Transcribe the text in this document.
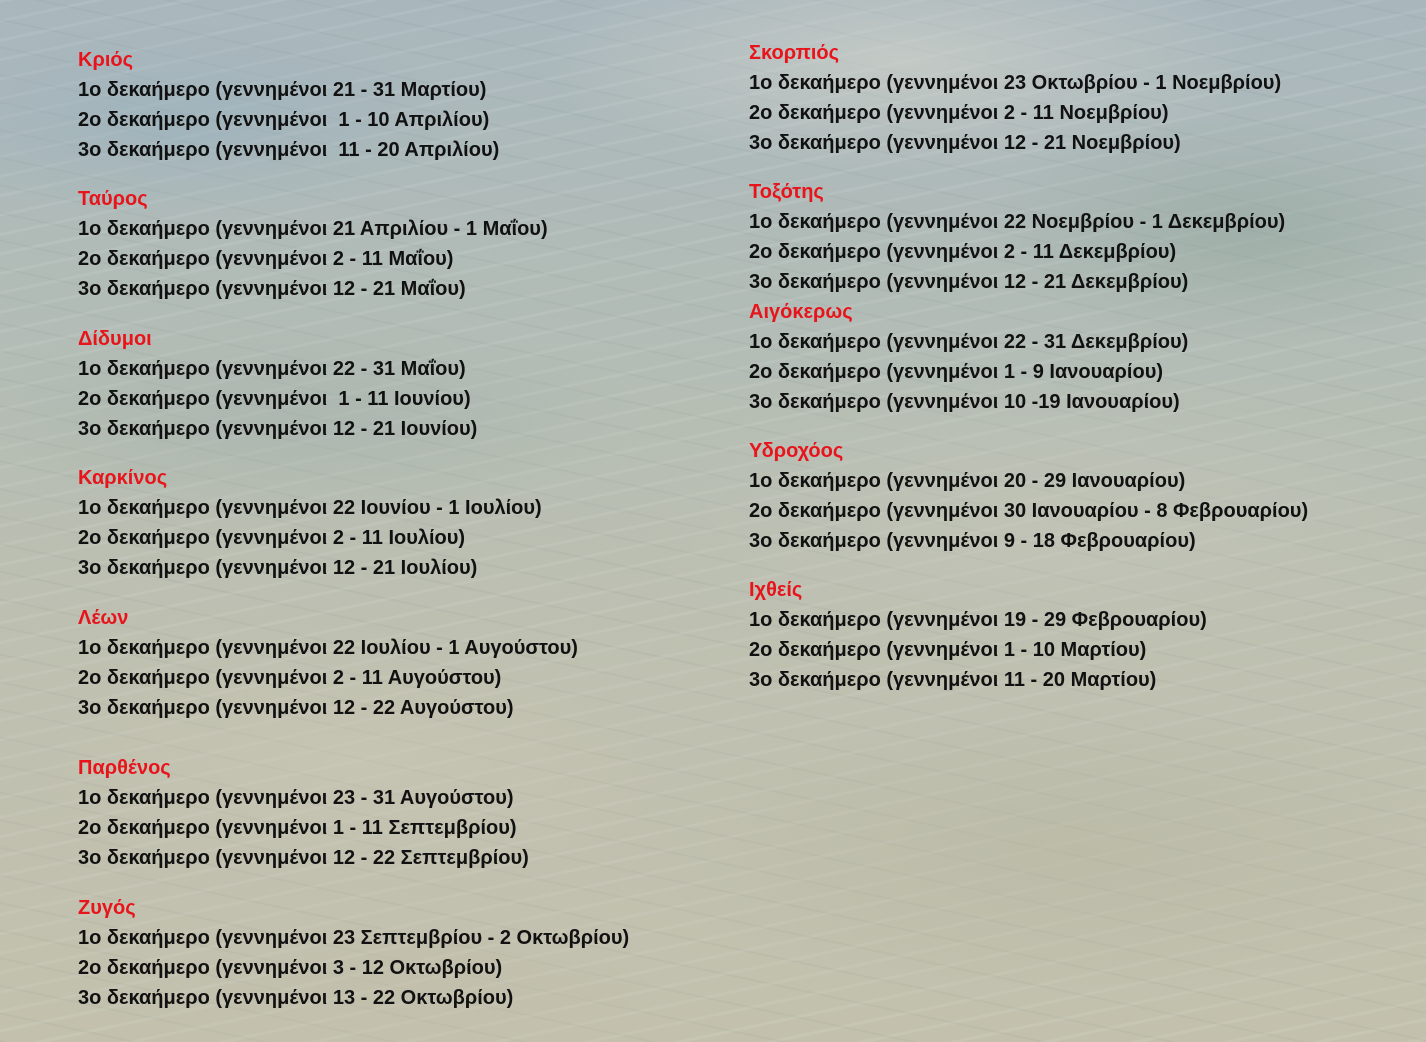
Κριός
1ο δεκαήμερο (γεννημένοι 21 - 31 Μαρτίου)
2ο δεκαήμερο (γεννημένοι  1 - 10 Απριλίου)
3ο δεκαήμερο (γεννημένοι  11 - 20 Απριλίου)
Ταύρος
1ο δεκαήμερο (γεννημένοι 21 Απριλίου - 1 Μαΐου)
2ο δεκαήμερο (γεννημένοι 2 - 11 Μαΐου)
3ο δεκαήμερο (γεννημένοι 12 - 21 Μαΐου)
Δίδυμοι
1ο δεκαήμερο (γεννημένοι 22 - 31 Μαΐου)
2ο δεκαήμερο (γεννημένοι  1 - 11 Ιουνίου)
3ο δεκαήμερο (γεννημένοι 12 - 21 Ιουνίου)
Καρκίνος
1ο δεκαήμερο (γεννημένοι 22 Ιουνίου - 1 Ιουλίου)
2ο δεκαήμερο (γεννημένοι 2 - 11 Ιουλίου)
3ο δεκαήμερο (γεννημένοι 12 - 21 Ιουλίου)
Λέων
1ο δεκαήμερο (γεννημένοι 22 Ιουλίου - 1 Αυγούστου)
2ο δεκαήμερο (γεννημένοι 2 - 11 Αυγούστου)
3ο δεκαήμερο (γεννημένοι 12 - 22 Αυγούστου)
Παρθένος
1ο δεκαήμερο (γεννημένοι 23 - 31 Αυγούστου)
2ο δεκαήμερο (γεννημένοι 1 - 11 Σεπτεμβρίου)
3ο δεκαήμερο (γεννημένοι 12 - 22 Σεπτεμβρίου)
Ζυγός
1ο δεκαήμερο (γεννημένοι 23 Σεπτεμβρίου - 2 Οκτωβρίου)
2ο δεκαήμερο (γεννημένοι 3 - 12 Οκτωβρίου)
3ο δεκαήμερο (γεννημένοι 13 - 22 Οκτωβρίου)
Σκορπιός
1ο δεκαήμερο (γεννημένοι 23 Οκτωβρίου - 1 Νοεμβρίου)
2ο δεκαήμερο (γεννημένοι 2 - 11 Νοεμβρίου)
3ο δεκαήμερο (γεννημένοι 12 - 21 Νοεμβρίου)
Τοξότης
1ο δεκαήμερο (γεννημένοι 22 Νοεμβρίου - 1 Δεκεμβρίου)
2ο δεκαήμερο (γεννημένοι 2 - 11 Δεκεμβρίου)
3ο δεκαήμερο (γεννημένοι 12 - 21 Δεκεμβρίου)
Αιγόκερως
1ο δεκαήμερο (γεννημένοι 22 - 31 Δεκεμβρίου)
2ο δεκαήμερο (γεννημένοι 1 - 9 Ιανουαρίου)
3ο δεκαήμερο (γεννημένοι 10 -19 Ιανουαρίου)
Υδροχόος
1ο δεκαήμερο (γεννημένοι 20 - 29 Ιανουαρίου)
2ο δεκαήμερο (γεννημένοι 30 Ιανουαρίου - 8 Φεβρουαρίου)
3ο δεκαήμερο (γεννημένοι 9 - 18 Φεβρουαρίου)
Ιχθείς
1ο δεκαήμερο (γεννημένοι 19 - 29 Φεβρουαρίου)
2ο δεκαήμερο (γεννημένοι 1 - 10 Μαρτίου)
3ο δεκαήμερο (γεννημένοι 11 - 20 Μαρτίου)
